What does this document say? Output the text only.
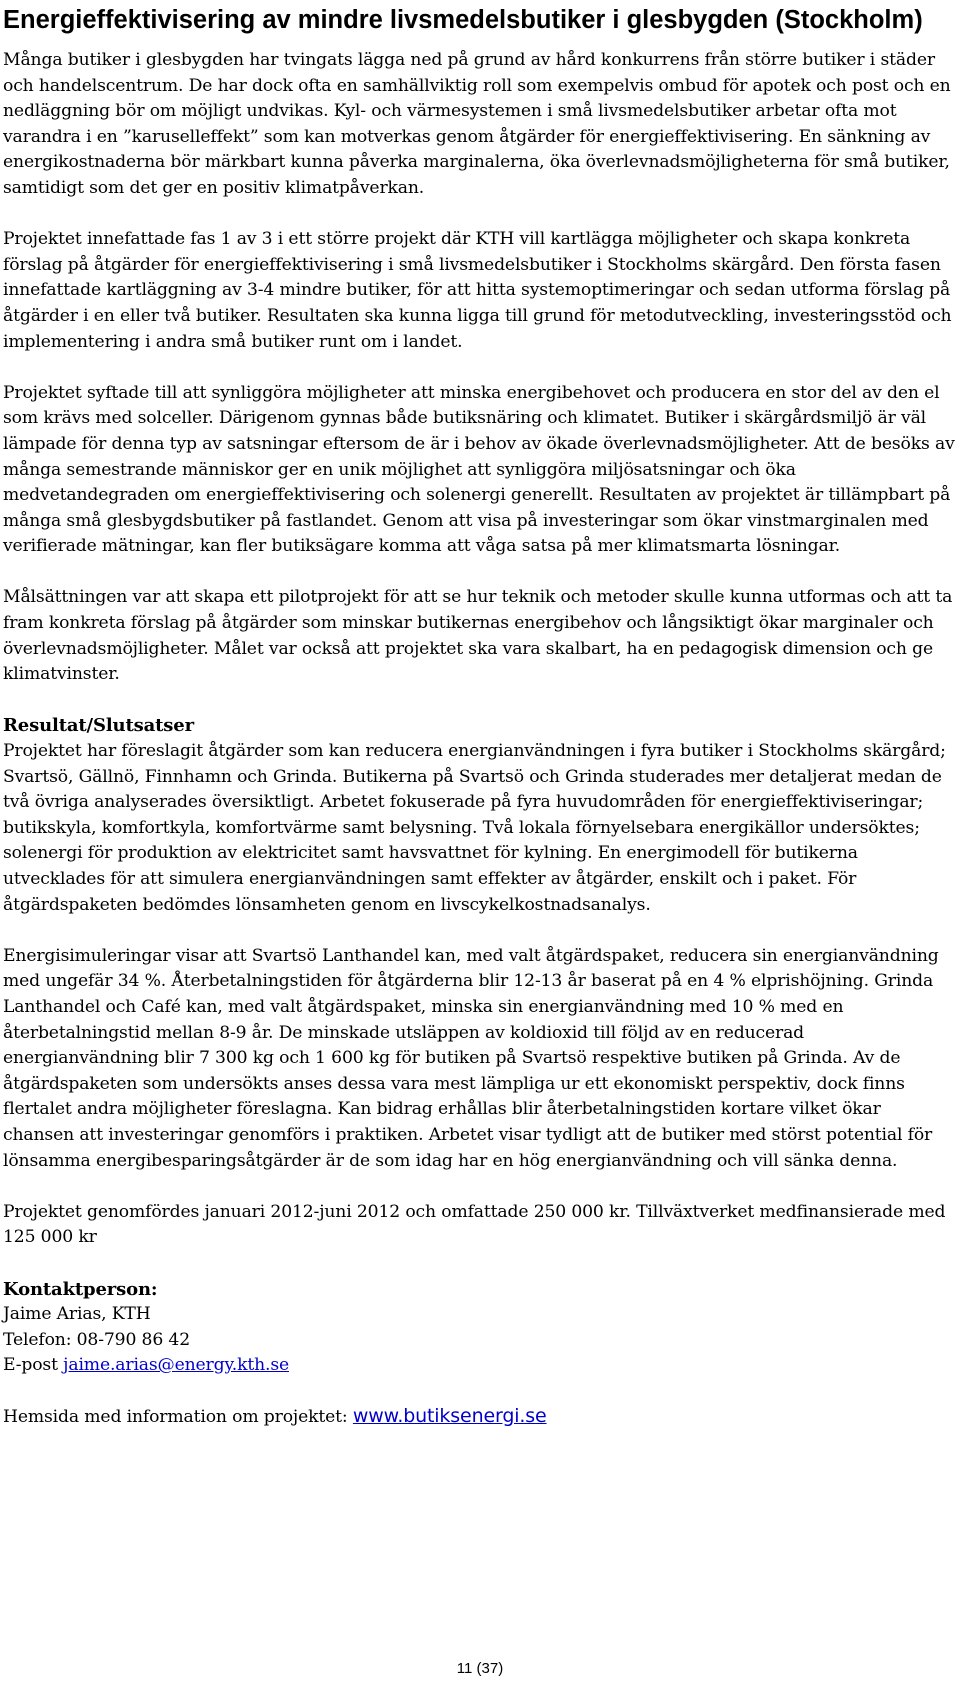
Energieffektivisering av mindre livsmedelsbutiker i glesbygden (Stockholm)

Många butiker i glesbygden har tvingats lägga ned på grund av hård konkurrens från större butiker i städer och handelscentrum. De har dock ofta en samhällviktig roll som exempelvis ombud för apotek och post och en nedläggning bör om möjligt undvikas. Kyl- och värmesystemen i små livsmedelsbutiker arbetar ofta mot varandra i en ”karuselleffekt” som kan motverkas genom åtgärder för energieffektivisering. En sänkning av energikostnaderna bör märkbart kunna påverka marginalerna, öka överlevnadsmöjligheterna för små butiker, samtidigt som det ger en positiv klimatpåverkan.

Projektet innefattade fas 1 av 3 i ett större projekt där KTH vill kartlägga möjligheter och skapa konkreta förslag på åtgärder för energieffektivisering i små livsmedelsbutiker i Stockholms skärgård. Den första fasen innefattade kartläggning av 3-4 mindre butiker, för att hitta systemoptimeringar och sedan utforma förslag på åtgärder i en eller två butiker. Resultaten ska kunna ligga till grund för metodutveckling, investeringsstöd och implementering i andra små butiker runt om i landet.

Projektet syftade till att synliggöra möjligheter att minska energibehovet och producera en stor del av den el som krävs med solceller. Därigenom gynnas både butiksnäring och klimatet. Butiker i skärgårdsmiljö är väl lämpade för denna typ av satsningar eftersom de är i behov av ökade överlevnadsmöjligheter. Att de besöks av många semestrande människor ger en unik möjlighet att synliggöra miljösatsningar och öka medvetandegraden om energieffektivisering och solenergi generellt. Resultaten av projektet är tillämpbart på många små glesbygdsbutiker på fastlandet. Genom att visa på investeringar som ökar vinstmarginalen med verifierade mätningar, kan fler butiksägare komma att våga satsa på mer klimatsmarta lösningar.

Målsättningen var att skapa ett pilotprojekt för att se hur teknik och metoder skulle kunna utformas och att ta fram konkreta förslag på åtgärder som minskar butikernas energibehov och långsiktigt ökar marginaler och överlevnadsmöjligheter. Målet var också att projektet ska vara skalbart, ha en pedagogisk dimension och ge klimatvinster.

Resultat/Slutsatser
Projektet har föreslagit åtgärder som kan reducera energianvändningen i fyra butiker i Stockholms skärgård; Svartsö, Gällnö, Finnhamn och Grinda. Butikerna på Svartsö och Grinda studerades mer detaljerat medan de två övriga analyserades översiktligt. Arbetet fokuserade på fyra huvudområden för energieffektiviseringar; butikskyla, komfortkyla, komfortvärme samt belysning. Två lokala förnyelsebara energikällor undersöktes; solenergi för produktion av elektricitet samt havsvattnet för kylning. En energimodell för butikerna utvecklades för att simulera energianvändningen samt effekter av åtgärder, enskilt och i paket. För åtgärdspaketen bedömdes lönsamheten genom en livscykelkostnadsanalys.

Energisimuleringar visar att Svartsö Lanthandel kan, med valt åtgärdspaket, reducera sin energianvändning med ungefär 34 %. Återbetalningstiden för åtgärderna blir 12-13 år baserat på en 4 % elprishöjning. Grinda Lanthandel och Café kan, med valt åtgärdspaket, minska sin energianvändning med 10 % med en återbetalningstid mellan 8-9 år. De minskade utsläppen av koldioxid till följd av en reducerad energianvändning blir 7 300 kg och 1 600 kg för butiken på Svartsö respektive butiken på Grinda. Av de åtgärdspaketen som undersökts anses dessa vara mest lämpliga ur ett ekonomiskt perspektiv, dock finns flertalet andra möjligheter föreslagna. Kan bidrag erhållas blir återbetalningstiden kortare vilket ökar chansen att investeringar genomförs i praktiken. Arbetet visar tydligt att de butiker med störst potential för lönsamma energibesparingsåtgärder är de som idag har en hög energianvändning och vill sänka denna.

Projektet genomfördes januari 2012-juni 2012 och omfattade 250 000 kr. Tillväxtverket medfinansierade med 125 000 kr

Kontaktperson:
Jaime Arias, KTH
Telefon: 08-790 86 42
E-post jaime.arias@energy.kth.se

Hemsida med information om projektet: www.butiksenergi.se
11 (37)
